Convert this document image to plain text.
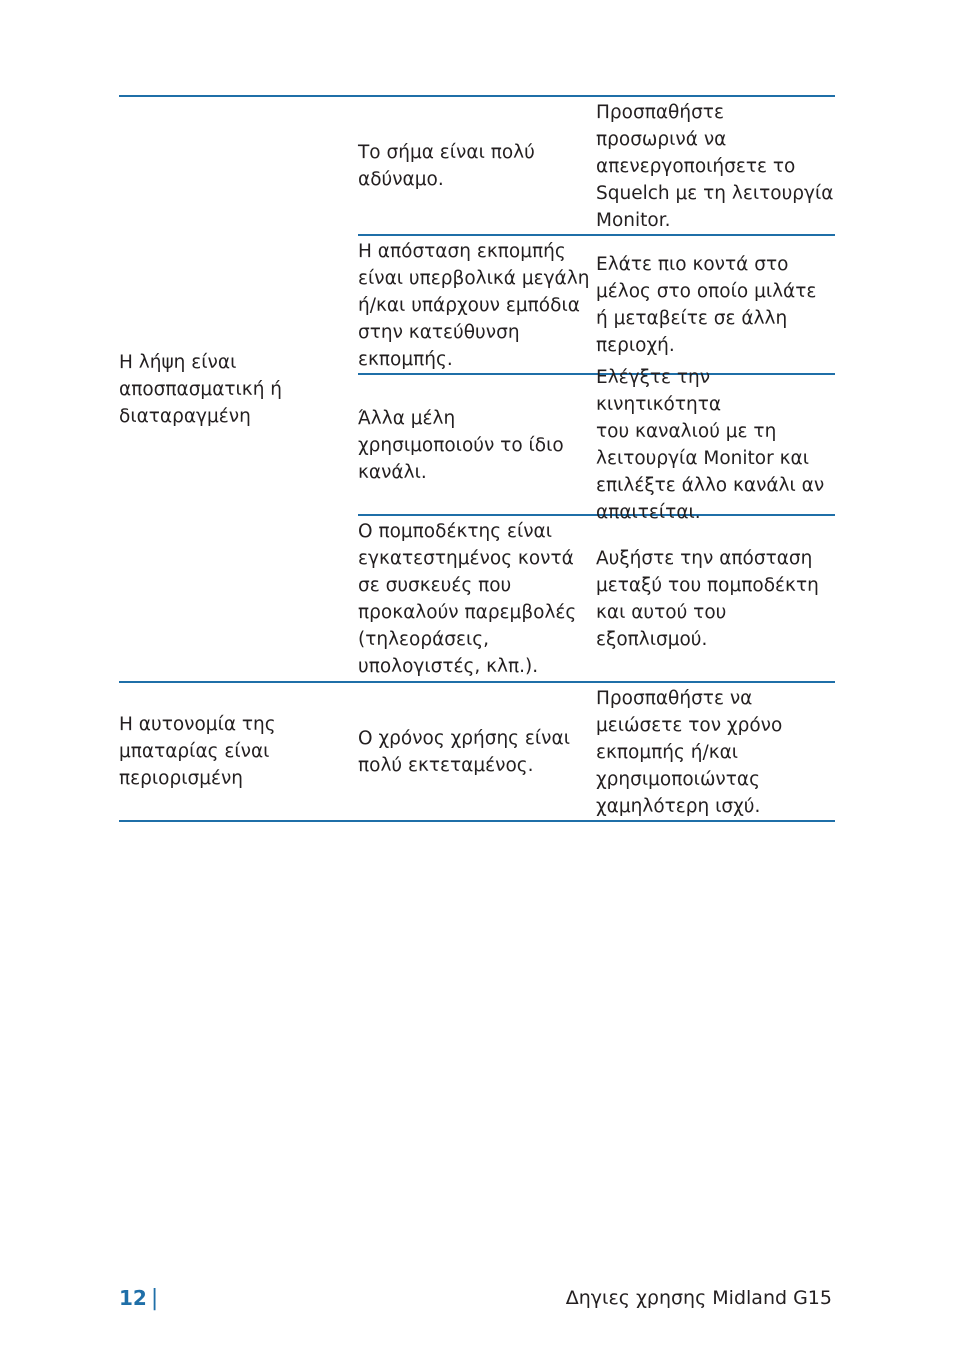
Η λήψη είναι
αποσπασματική ή
διαταραγμένη
Το σήμα είναι πολύ
αδύναμο.
Προσπαθήστε
προσωρινά να
απενεργοποιήσετε το
Squelch με τη λειτουργία
Monitor.
Η απόσταση εκπομπής
είναι υπερβολικά μεγάλη
ή/και υπάρχουν εμπόδια
στην κατεύθυνση
εκπομπής.
Ελάτε πιο κοντά στο
μέλος στο οποίο μιλάτε
ή μεταβείτε σε άλλη
περιοχή.
Άλλα μέλη
χρησιμοποιούν το ίδιο
κανάλι.
Ελέγξτε την κινητικότητα
του καναλιού με τη
λειτουργία Monitor και
επιλέξτε άλλο κανάλι αν
απαιτείται.
Ο πομποδέκτης είναι
εγκατεστημένος κοντά
σε συσκευές που
προκαλούν παρεμβολές
(τηλεοράσεις,
υπολογιστές, κλπ.).
Αυξήστε την απόσταση
μεταξύ του πομποδέκτη
και αυτού του
εξοπλισμού.
Η αυτονομία της
μπαταρίας είναι
περιορισμένη
Ο χρόνος χρήσης είναι
πολύ εκτεταμένος.
Προσπαθήστε να
μειώσετε τον χρόνο
εκπομπής ή/και
χρησιμοποιώντας
χαμηλότερη ισχύ.
12 |	Δηγιες χρησης Midland G15
